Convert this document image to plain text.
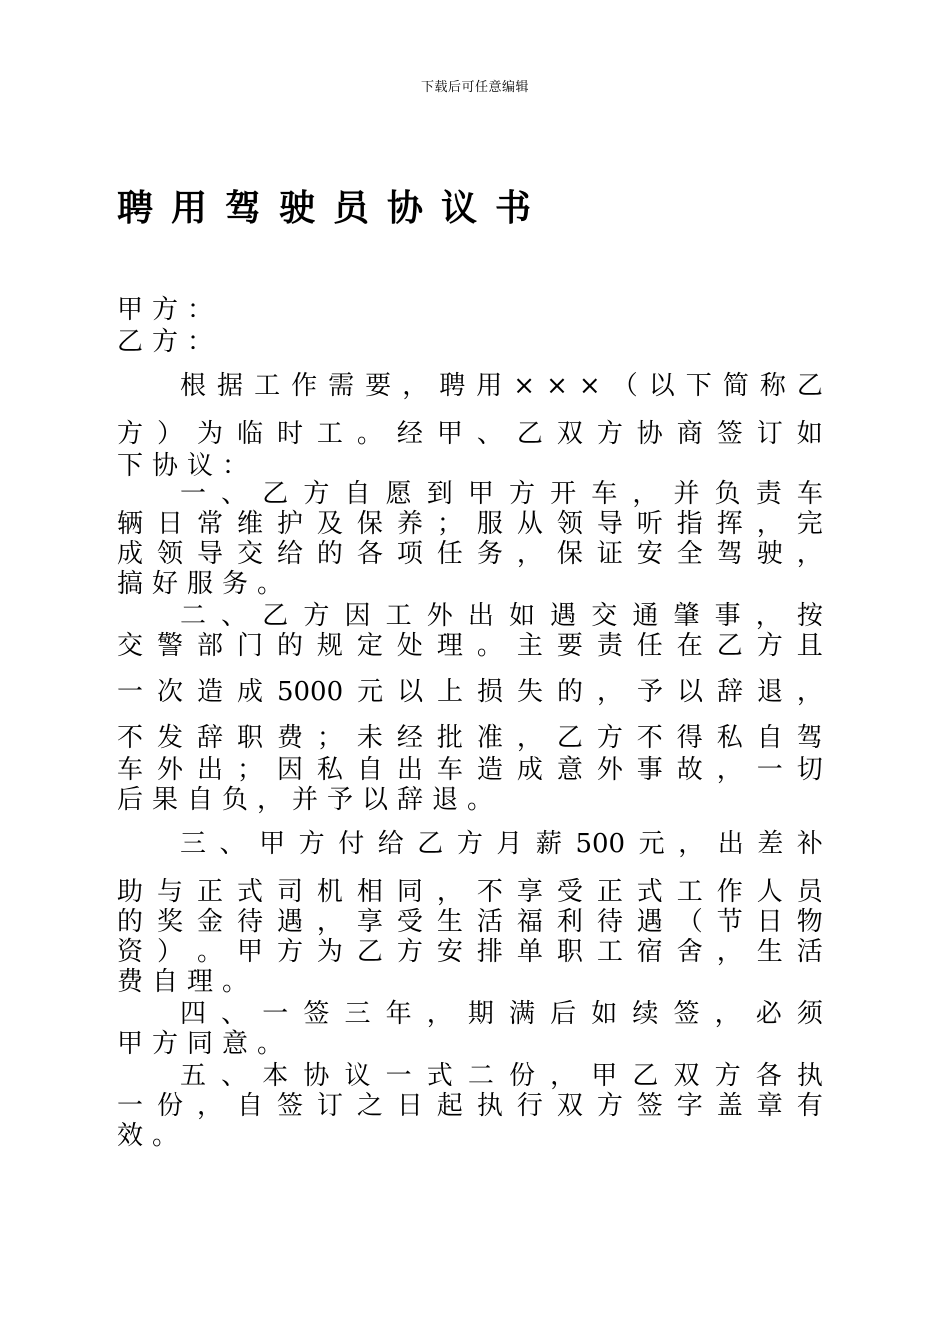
下载后可任意编辑
聘用驾驶员协议书
甲方：
乙方：
根 据 工 作 需 要 ， 聘 用 × × × （ 以 下 简 称 乙
方 ） 为 临 时 工 。 经 甲 、 乙 双 方 协 商 签 订 如
下协议：
一 、 乙 方 自 愿 到 甲 方 开 车 ， 并 负 责 车
辆 日 常 维 护 及 保 养 ； 服 从 领 导 听 指 挥 ， 完
成 领 导 交 给 的 各 项 任 务 ， 保 证 安 全 驾 驶 ，
搞好服务。
二 、 乙 方 因 工 外 出 如 遇 交 通 肇 事 ， 按
交 警 部 门 的 规 定 处 理 。 主 要 责 任 在 乙 方 且
一 次 造 成 5000 元 以 上 损 失 的 ， 予 以 辞 退 ，
不 发 辞 职 费 ； 未 经 批 准 ， 乙 方 不 得 私 自 驾
车 外 出 ； 因 私 自 出 车 造 成 意 外 事 故 ， 一 切
后果自负，并予以辞退。
三 、 甲 方 付 给 乙 方 月 薪 500 元 ， 出 差 补
助 与 正 式 司 机 相 同 ， 不 享 受 正 式 工 作 人 员
的 奖 金 待 遇 ， 享 受 生 活 福 利 待 遇 （ 节 日 物
资 ） 。 甲 方 为 乙 方 安 排 单 职 工 宿 舍 ， 生 活
费自理。
四 、 一 签 三 年 ， 期 满 后 如 续 签 ， 必 须
甲方同意。
五 、 本 协 议 一 式 二 份 ， 甲 乙 双 方 各 执
一 份 ， 自 签 订 之 日 起 执 行 双 方 签 字 盖 章 有
效。
